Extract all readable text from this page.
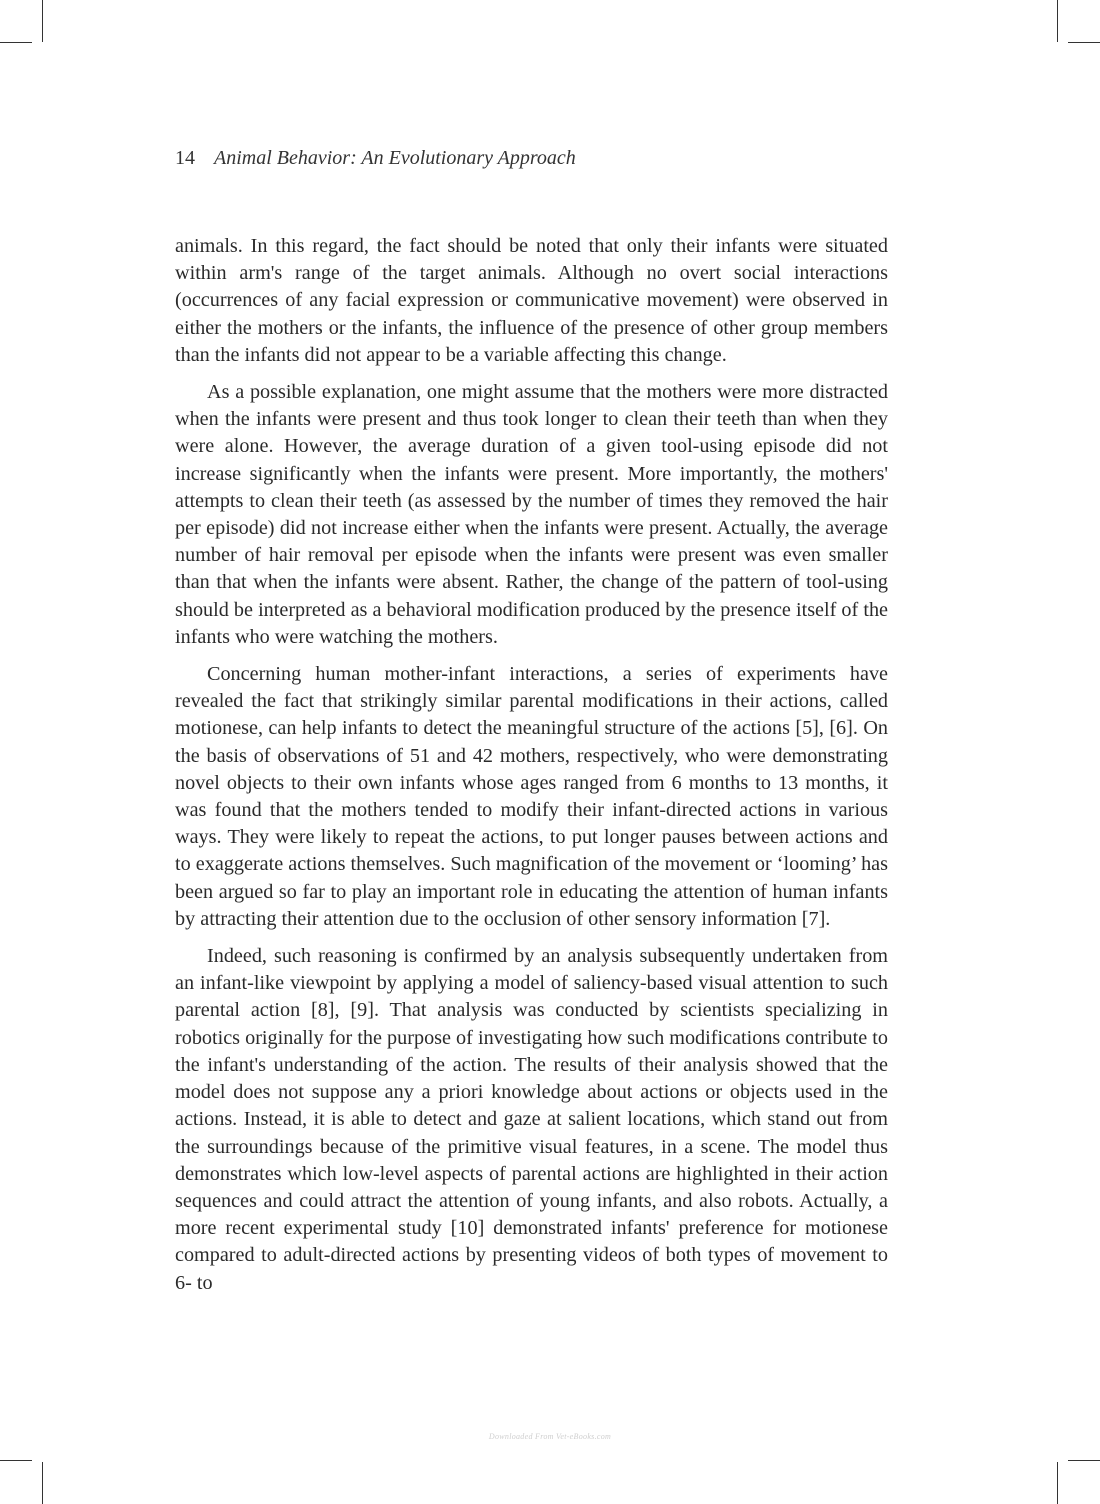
14 Animal Behavior: An Evolutionary Approach

animals. In this regard, the fact should be noted that only their infants were situated within arm's range of the target animals. Although no overt social interactions (occurrences of any facial expression or communicative movement) were observed in either the mothers or the infants, the influence of the presence of other group members than the infants did not appear to be a variable affecting this change.

As a possible explanation, one might assume that the mothers were more distracted when the infants were present and thus took longer to clean their teeth than when they were alone. However, the average duration of a given tool-using episode did not increase significantly when the infants were present. More importantly, the mothers' attempts to clean their teeth (as assessed by the number of times they removed the hair per episode) did not increase either when the infants were present. Actually, the average number of hair removal per episode when the infants were present was even smaller than that when the infants were absent. Rather, the change of the pattern of tool-using should be interpreted as a behavioral modification produced by the presence itself of the infants who were watching the mothers.

Concerning human mother-infant interactions, a series of experiments have revealed the fact that strikingly similar parental modifications in their actions, called motionese, can help infants to detect the meaningful structure of the actions [5], [6]. On the basis of observations of 51 and 42 mothers, respectively, who were demonstrating novel objects to their own infants whose ages ranged from 6 months to 13 months, it was found that the mothers tended to modify their infant-directed actions in various ways. They were likely to repeat the actions, to put longer pauses between actions and to exaggerate actions themselves. Such magnification of the movement or ‘looming’ has been argued so far to play an important role in educating the attention of human infants by attracting their attention due to the occlusion of other sensory information [7].

Indeed, such reasoning is confirmed by an analysis subsequently undertaken from an infant-like viewpoint by applying a model of saliency-based visual attention to such parental action [8], [9]. That analysis was conducted by scientists specializing in robotics originally for the purpose of investigating how such modifications contribute to the infant's understanding of the action. The results of their analysis showed that the model does not suppose any a priori knowledge about actions or objects used in the actions. Instead, it is able to detect and gaze at salient locations, which stand out from the surroundings because of the primitive visual features, in a scene. The model thus demonstrates which low-level aspects of parental actions are highlighted in their action sequences and could attract the attention of young infants, and also robots. Actually, a more recent experimental study [10] demonstrated infants' preference for motionese compared to adult-directed actions by presenting videos of both types of movement to 6- to

Downloaded From Vet-eBooks.com
